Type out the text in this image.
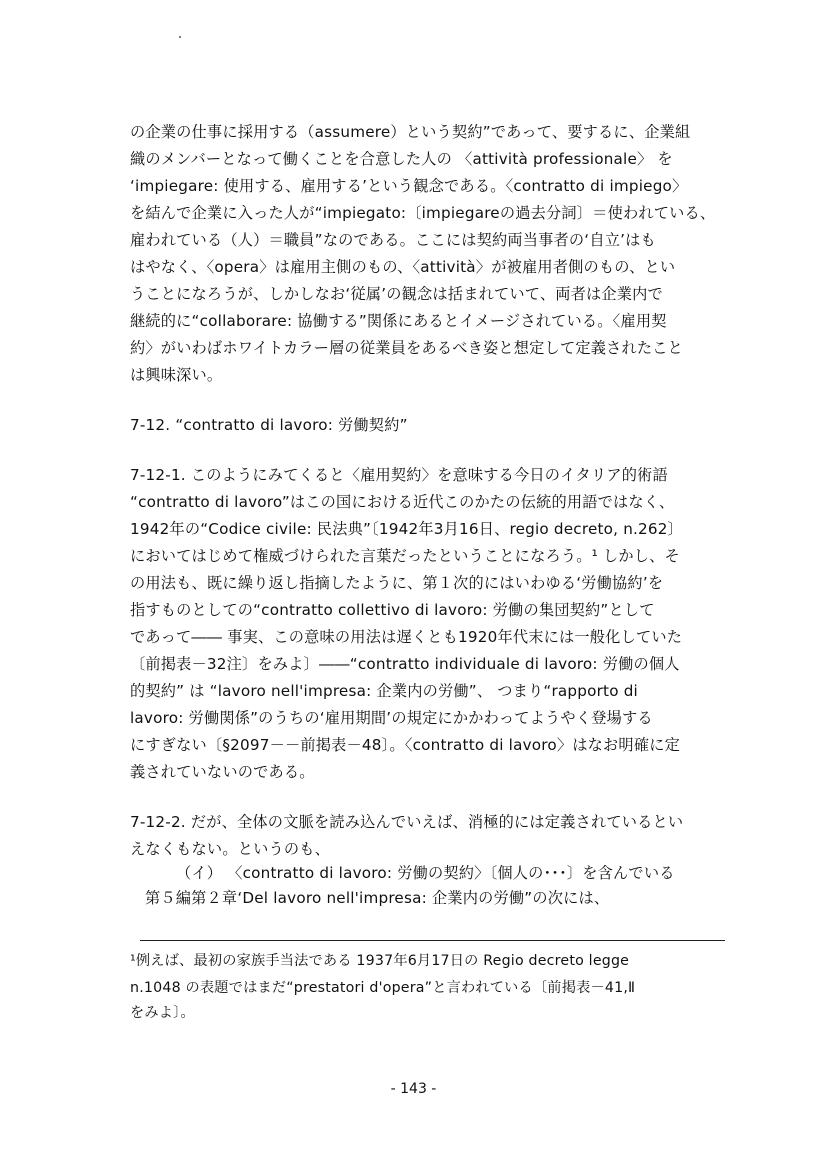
の企業の仕事に採用する（assumere）という契約”であって、要するに、企業組
織のメンバーとなって働くことを合意した人の 〈attività professionale〉 を
‘impiegare: 使用する、雇用する’という観念である。〈contratto di impiego〉
を結んで企業に入った人が“impiegato:〔impiegareの過去分詞〕＝使われている、
雇われている（人）＝職員”なのである。ここには契約両当事者の‘自立’はも
はやなく、〈opera〉は雇用主側のもの、〈attività〉が被雇用者側のもの、とい
うことになろうが、しかしなお‘従属’の観念は括まれていて、両者は企業内で
継続的に“collaborare: 協働する”関係にあるとイメージされている。〈雇用契
約〉がいわばホワイトカラー層の従業員をあるべき姿と想定して定義されたこと
は興味深い。
7-12. “contratto di lavoro: 労働契約”
7-12-1. このようにみてくると〈雇用契約〉を意味する今日のイタリア的術語
“contratto di lavoro”はこの国における近代このかたの伝統的用語ではなく、
1942年の“Codice civile: 民法典”〔1942年3月16日、regio decreto, n.262〕
においてはじめて権威づけられた言葉だったということになろう。¹ しかし、そ
の用法も、既に繰り返し指摘したように、第１次的にはいわゆる‘労働協約’を
指すものとしての“contratto collettivo di lavoro: 労働の集団契約”として
であって―― 事実、この意味の用法は遅くとも1920年代末には一般化していた
〔前掲表－32注〕をみよ〕――“contratto individuale di lavoro: 労働の個人
的契約” は “lavoro nell'impresa: 企業内の労働”、 つまり“rapporto di
lavoro: 労働関係”のうちの‘雇用期間’の規定にかかわってようやく登場する
にすぎない〔§2097－－前掲表－48〕。〈contratto di lavoro〉はなお明確に定
義されていないのである。
7-12-2. だが、全体の文脈を読み込んでいえば、消極的には定義されているとい
えなくもない。というのも、
（イ） 〈contratto di lavoro: 労働の契約〉〔個人の･･･〕を含んでいる
第５編第２章‘Del lavoro nell'impresa: 企業内の労働”の次には、
¹例えば、最初の家族手当法である 1937年6月17日の Regio decreto legge
n.1048 の表題ではまだ“prestatori d'opera”と言われている〔前掲表－41,Ⅱ
をみよ〕。
- 143 -
